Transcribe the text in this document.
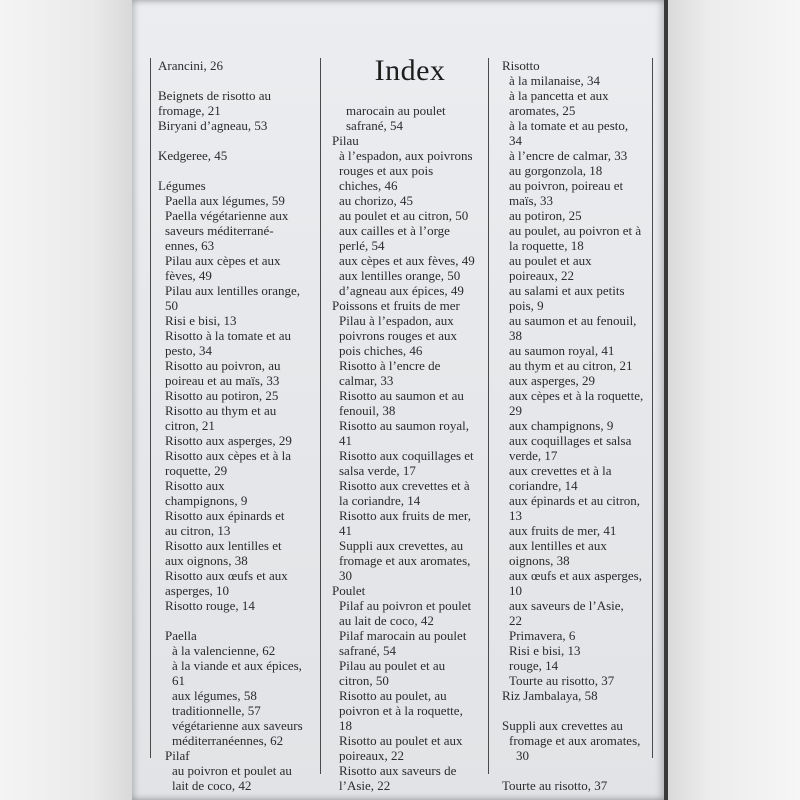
Index
Arancini, 26
Beignets de risotto au
fromage, 21
Biryani d’agneau, 53
Kedgeree, 45
Légumes
Paella aux légumes, 59
Paella végétarienne aux
saveurs méditerrané-
ennes, 63
Pilau aux cèpes et aux
fèves, 49
Pilau aux lentilles orange,
50
Risi e bisi, 13
Risotto à la tomate et au
pesto, 34
Risotto au poivron, au
poireau et au maïs, 33
Risotto au potiron, 25
Risotto au thym et au
citron, 21
Risotto aux asperges, 29
Risotto aux cèpes et à la
roquette, 29
Risotto aux
champignons, 9
Risotto aux épinards et
au citron, 13
Risotto aux lentilles et
aux oignons, 38
Risotto aux œufs et aux
asperges, 10
Risotto rouge, 14
Paella
à la valencienne, 62
à la viande et aux épices,
61
aux légumes, 58
traditionnelle, 57
végétarienne aux saveurs
méditerranéennes, 62
Pilaf
au poivron et poulet au
lait de coco, 42
marocain au poulet
safrané, 54
Pilau
à l’espadon, aux poivrons
rouges et aux pois
chiches, 46
au chorizo, 45
au poulet et au citron, 50
aux cailles et à l’orge
perlé, 54
aux cèpes et aux fèves, 49
aux lentilles orange, 50
d’agneau aux épices, 49
Poissons et fruits de mer
Pilau à l’espadon, aux
poivrons rouges et aux
pois chiches, 46
Risotto à l’encre de
calmar, 33
Risotto au saumon et au
fenouil, 38
Risotto au saumon royal,
41
Risotto aux coquillages et
salsa verde, 17
Risotto aux crevettes et à
la coriandre, 14
Risotto aux fruits de mer,
41
Suppli aux crevettes, au
fromage et aux aromates,
30
Poulet
Pilaf au poivron et poulet
au lait de coco, 42
Pilaf marocain au poulet
safrané, 54
Pilau au poulet et au
citron, 50
Risotto au poulet, au
poivron et à la roquette,
18
Risotto au poulet et aux
poireaux, 22
Risotto aux saveurs de
l’Asie, 22
Risotto
à la milanaise, 34
à la pancetta et aux
aromates, 25
à la tomate et au pesto,
34
à l’encre de calmar, 33
au gorgonzola, 18
au poivron, poireau et
maïs, 33
au potiron, 25
au poulet, au poivron et à
la roquette, 18
au poulet et aux
poireaux, 22
au salami et aux petits
pois, 9
au saumon et au fenouil,
38
au saumon royal, 41
au thym et au citron, 21
aux asperges, 29
aux cèpes et à la roquette,
29
aux champignons, 9
aux coquillages et salsa
verde, 17
aux crevettes et à la
coriandre, 14
aux épinards et au citron,
13
aux fruits de mer, 41
aux lentilles et aux
oignons, 38
aux œufs et aux asperges,
10
aux saveurs de l’Asie,
22
Primavera, 6
Risi e bisi, 13
rouge, 14
Tourte au risotto, 37
Riz Jambalaya, 58
Suppli aux crevettes au
fromage et aux aromates,
30
Tourte au risotto, 37
